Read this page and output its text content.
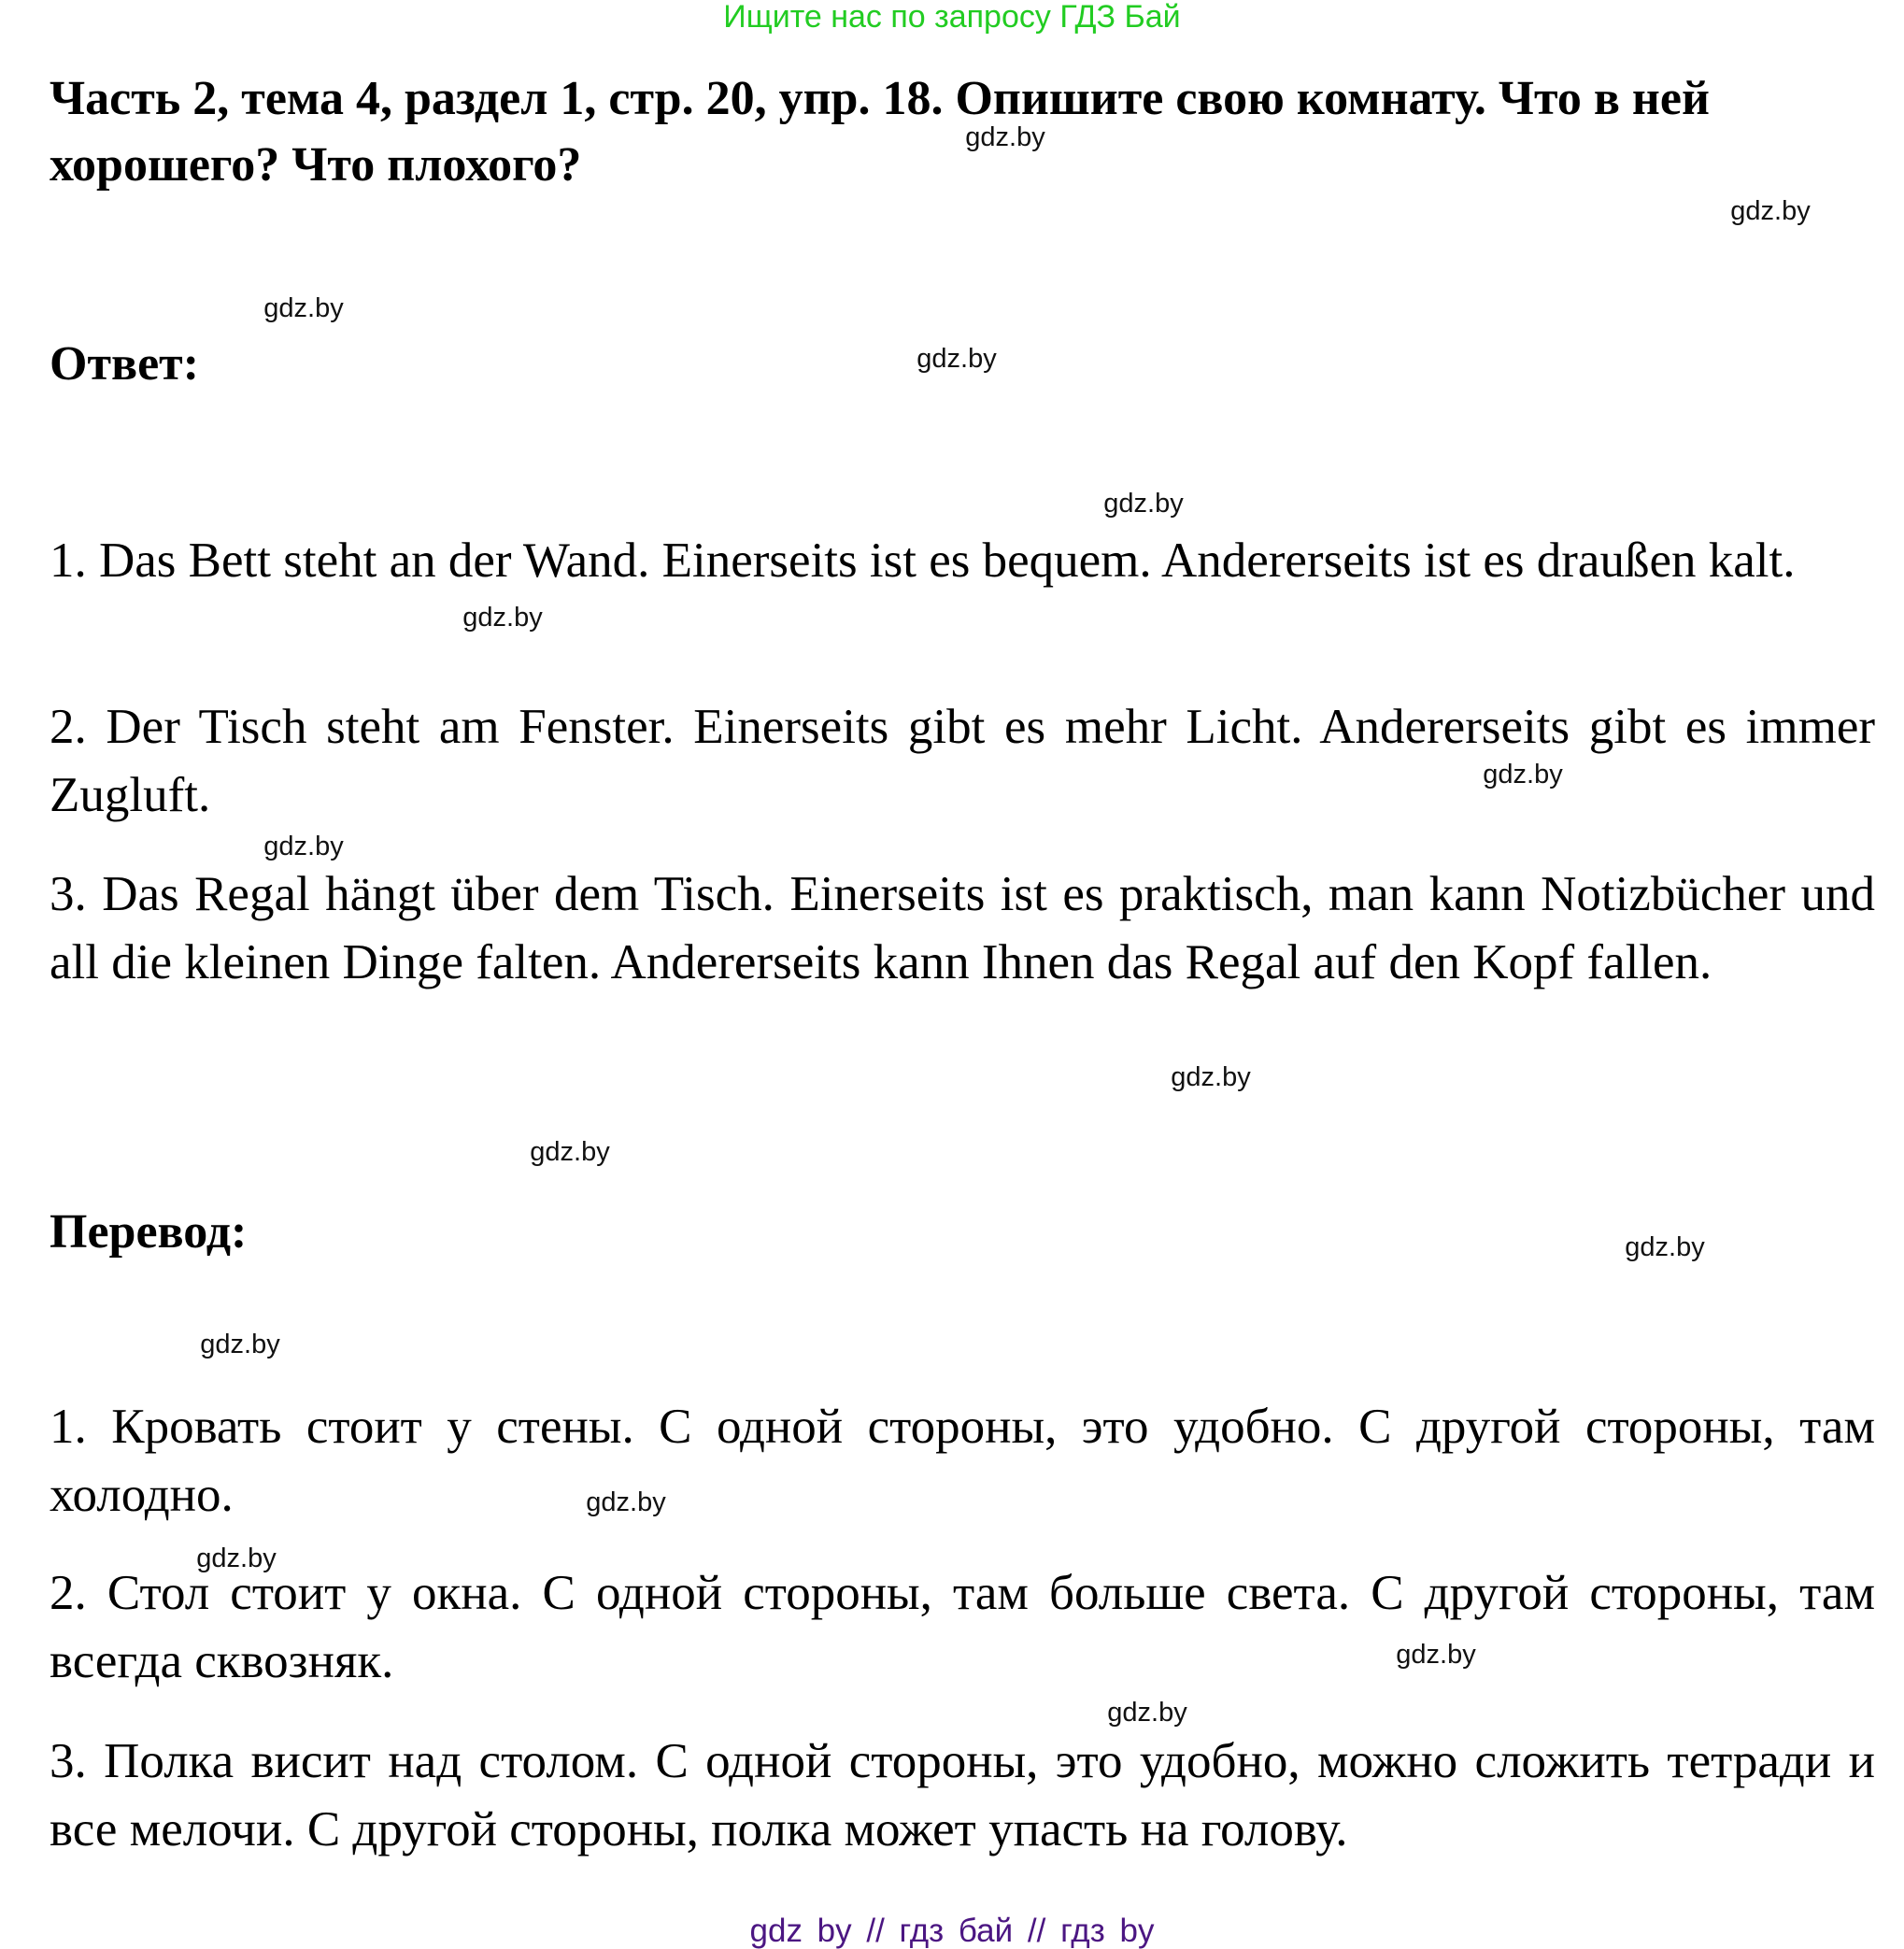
Ищите нас по запросу ГДЗ Бай
Часть 2, тема 4, раздел 1, стр. 20, упр. 18. Опишите свою комнату. Что в ней хорошего? Что плохого?
Ответ:
1. Das Bett steht an der Wand. Einerseits ist es bequem. Andererseits ist es draußen kalt.
2. Der Tisch steht am Fenster. Einerseits gibt es mehr Licht. Andererseits gibt es immer Zugluft.
3. Das Regal hängt über dem Tisch. Einerseits ist es praktisch, man kann Notizbücher und all die kleinen Dinge falten. Andererseits kann Ihnen das Regal auf den Kopf fallen.
Перевод:
1. Кровать стоит у стены. С одной стороны, это удобно. С другой стороны, там холодно.
2. Стол стоит у окна. С одной стороны, там больше света. С другой стороны, там всегда сквозняк.
3. Полка висит над столом. С одной стороны, это удобно, можно сложить тетради и все мелочи. С другой стороны, полка может упасть на голову.
gdz.by
gdz.by
gdz.by
gdz.by
gdz.by
gdz.by
gdz.by
gdz.by
gdz.by
gdz.by
gdz.by
gdz.by
gdz.by
gdz.by
gdz.by
gdz.by
gdz by // гдз бай // гдз by
